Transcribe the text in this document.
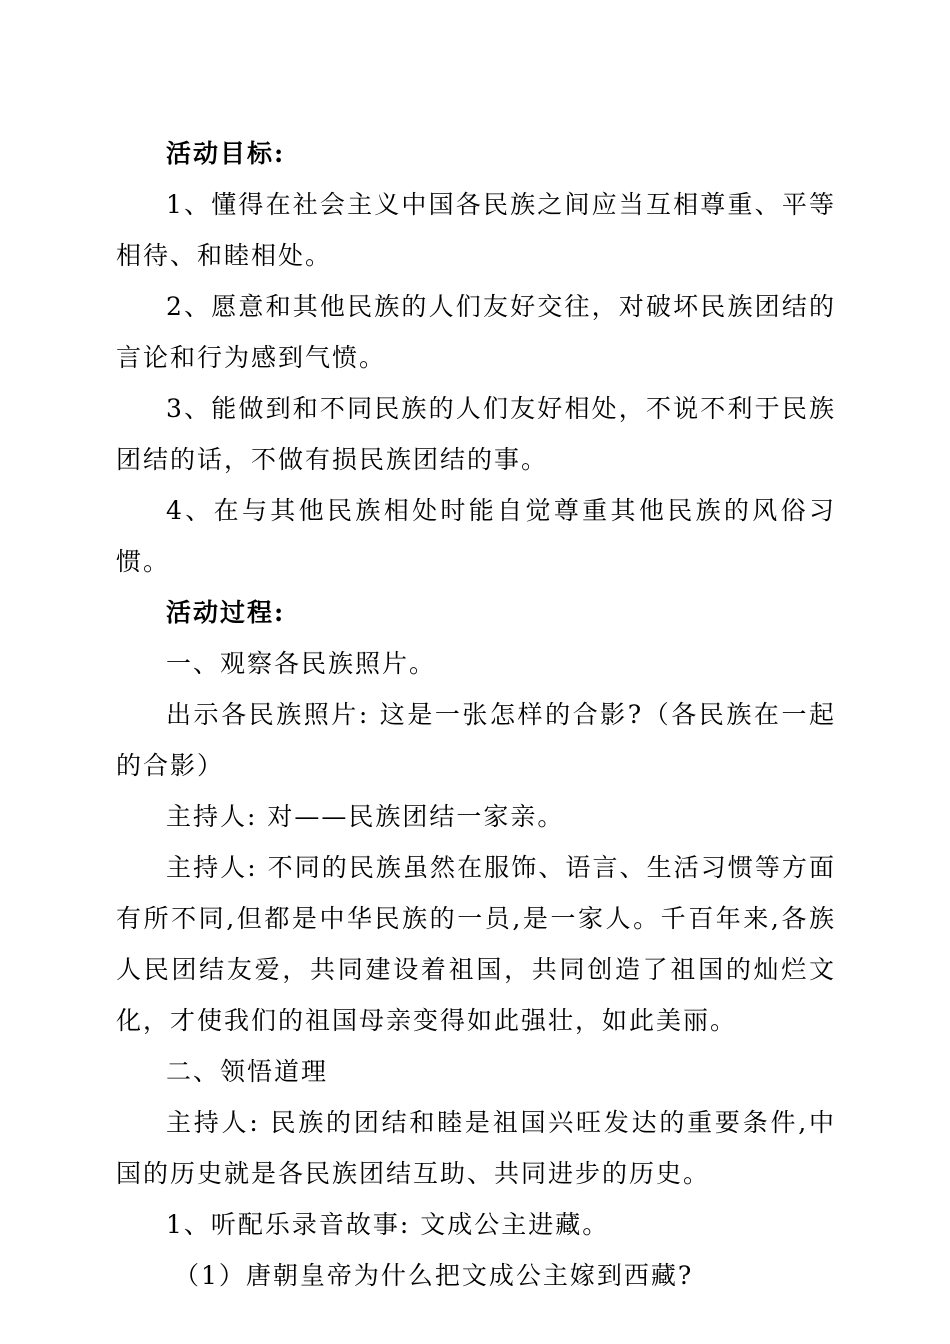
活动目标:

1、懂得在社会主义中国各民族之间应当互相尊重、平等相待、和睦相处。

2、愿意和其他民族的人们友好交往，对破坏民族团结的言论和行为感到气愤。

3、能做到和不同民族的人们友好相处，不说不利于民族团结的话，不做有损民族团结的事。

4、在与其他民族相处时能自觉尊重其他民族的风俗习惯。

活动过程:

一、观察各民族照片。

出示各民族照片: 这是一张怎样的合影?（各民族在一起的合影）

主持人: 对——民族团结一家亲。

主持人: 不同的民族虽然在服饰、语言、生活习惯等方面有所不同,但都是中华民族的一员,是一家人。千百年来,各族人民团结友爱，共同建设着祖国，共同创造了祖国的灿烂文化，才使我们的祖国母亲变得如此强壮，如此美丽。

二、领悟道理

主持人: 民族的团结和睦是祖国兴旺发达的重要条件,中国的历史就是各民族团结互助、共同进步的历史。

1、听配乐录音故事: 文成公主进藏。

（1）唐朝皇帝为什么把文成公主嫁到西藏?
